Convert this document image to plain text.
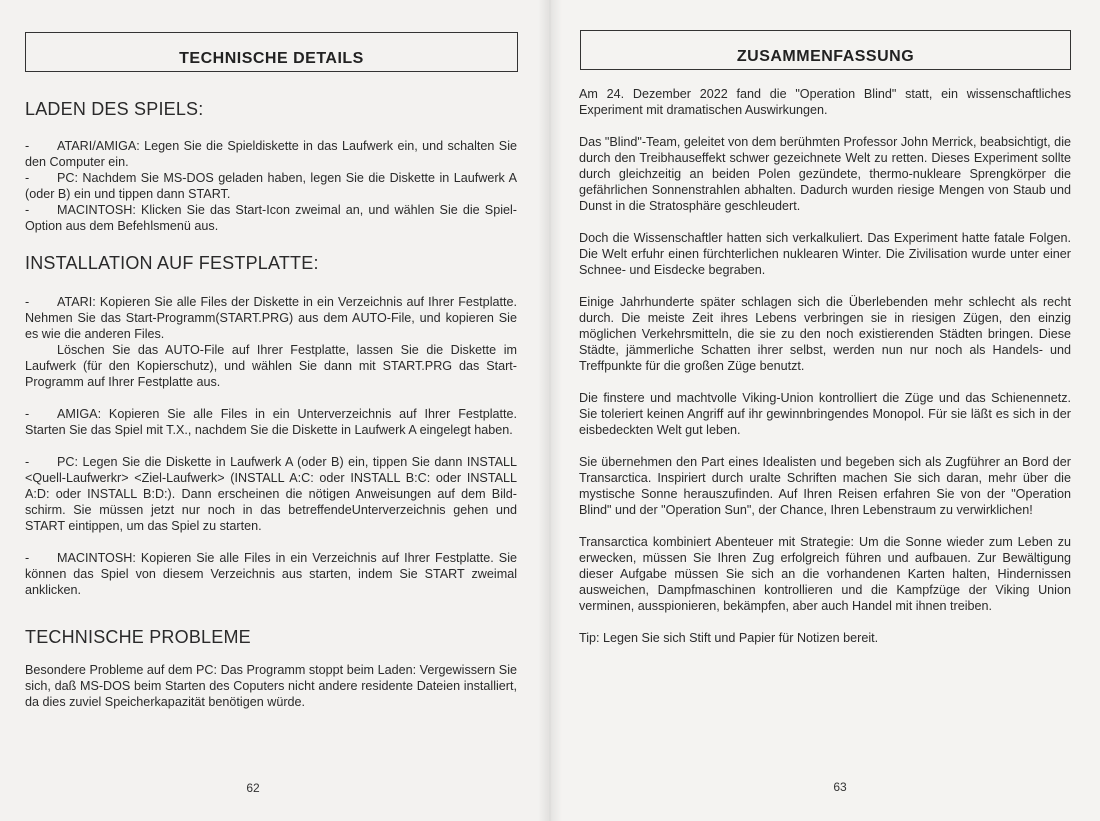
TECHNISCHE DETAILS

LADEN DES SPIELS:

- ATARI/AMIGA: Legen Sie die Spieldiskette in das Laufwerk ein, und schalten Sie den Computer ein.

- PC: Nachdem Sie MS-DOS geladen haben, legen Sie die Diskette in Laufwerk A (oder B) ein und tippen dann START.

- MACINTOSH: Klicken Sie das Start-Icon zweimal an, und wählen Sie die Spiel-Option aus dem Befehlsmenü aus.

INSTALLATION AUF FESTPLATTE:

- ATARI: Kopieren Sie alle Files der Diskette in ein Verzeichnis auf Ihrer Festplatte. Nehmen Sie das Start-Programm(START.PRG) aus dem AUTO-File, und kopieren Sie es wie die anderen Files.

Löschen Sie das AUTO-File auf Ihrer Festplatte, lassen Sie die Diskette im Laufwerk (für den Kopierschutz), und wählen Sie dann mit START.PRG das Start-Programm auf Ihrer Festplatte aus.

- AMIGA: Kopieren Sie alle Files in ein Unterverzeichnis auf Ihrer Festplatte. Starten Sie das Spiel mit T.X., nachdem Sie die Diskette in Laufwerk A eingelegt haben.

- PC: Legen Sie die Diskette in Laufwerk A (oder B) ein, tippen Sie dann INSTALL <Quell-Laufwerkr> <Ziel-Laufwerk> (INSTALL A:C: oder INSTALL B:C: oder INSTALL A:D: oder INSTALL B:D:). Dann erscheinen die nötigen Anweisungen auf dem Bild-schirm. Sie müssen jetzt nur noch in das betreffendeUnterverzeichnis gehen und START eintippen, um das Spiel zu starten.

- MACINTOSH: Kopieren Sie alle Files in ein Verzeichnis auf Ihrer Festplatte. Sie können das Spiel von diesem Verzeichnis aus starten, indem Sie START zweimal anklicken.

TECHNISCHE PROBLEME

Besondere Probleme auf dem PC: Das Programm stoppt beim Laden: Vergewissern Sie sich, daß MS-DOS beim Starten des Coputers nicht andere residente Dateien installiert, da dies zuviel Speicherkapazität benötigen würde.

62
ZUSAMMENFASSUNG

Am 24. Dezember 2022 fand die "Operation Blind" statt, ein wissenschaftliches Experiment mit dramatischen Auswirkungen.

Das "Blind"-Team, geleitet von dem berühmten Professor John Merrick, beabsichtigt, die durch den Treibhauseffekt schwer gezeichnete Welt zu retten. Dieses Experiment sollte durch gleichzeitig an beiden Polen gezündete, thermo-nukleare Sprengkörper die gefährlichen Sonnenstrahlen abhalten. Dadurch wurden riesige Mengen von Staub und Dunst in die Stratosphäre geschleudert.

Doch die Wissenschaftler hatten sich verkalkuliert. Das Experiment hatte fatale Folgen. Die Welt erfuhr einen fürchterlichen nuklearen Winter. Die Zivilisation wurde unter einer Schnee- und Eisdecke begraben.

Einige Jahrhunderte später schlagen sich die Überlebenden mehr schlecht als recht durch. Die meiste Zeit ihres Lebens verbringen sie in riesigen Zügen, den einzig möglichen Verkehrsmitteln, die sie zu den noch existierenden Städten bringen. Diese Städte, jämmerliche Schatten ihrer selbst, werden nun nur noch als Handels- und Treffpunkte für die großen Züge benutzt.

Die finstere und machtvolle Viking-Union kontrolliert die Züge und das Schienennetz. Sie toleriert keinen Angriff auf ihr gewinnbringendes Monopol. Für sie läßt es sich in der eisbedeckten Welt gut leben.

Sie übernehmen den Part eines Idealisten und begeben sich als Zugführer an Bord der Transarctica. Inspiriert durch uralte Schriften machen Sie sich daran, mehr über die mystische Sonne herauszufinden. Auf Ihren Reisen erfahren Sie von der "Operation Blind" und der "Operation Sun", der Chance, Ihren Lebenstraum zu verwirklichen!

Transarctica kombiniert Abenteuer mit Strategie: Um die Sonne wieder zum Leben zu erwecken, müssen Sie Ihren Zug erfolgreich führen und aufbauen. Zur Bewältigung dieser Aufgabe müssen Sie sich an die vorhandenen Karten halten, Hindernissen ausweichen, Dampfmaschinen kontrollieren und die Kampfzüge der Viking Union verminen, ausspionieren, bekämpfen, aber auch Handel mit ihnen treiben.

Tip: Legen Sie sich Stift und Papier für Notizen bereit.

63
